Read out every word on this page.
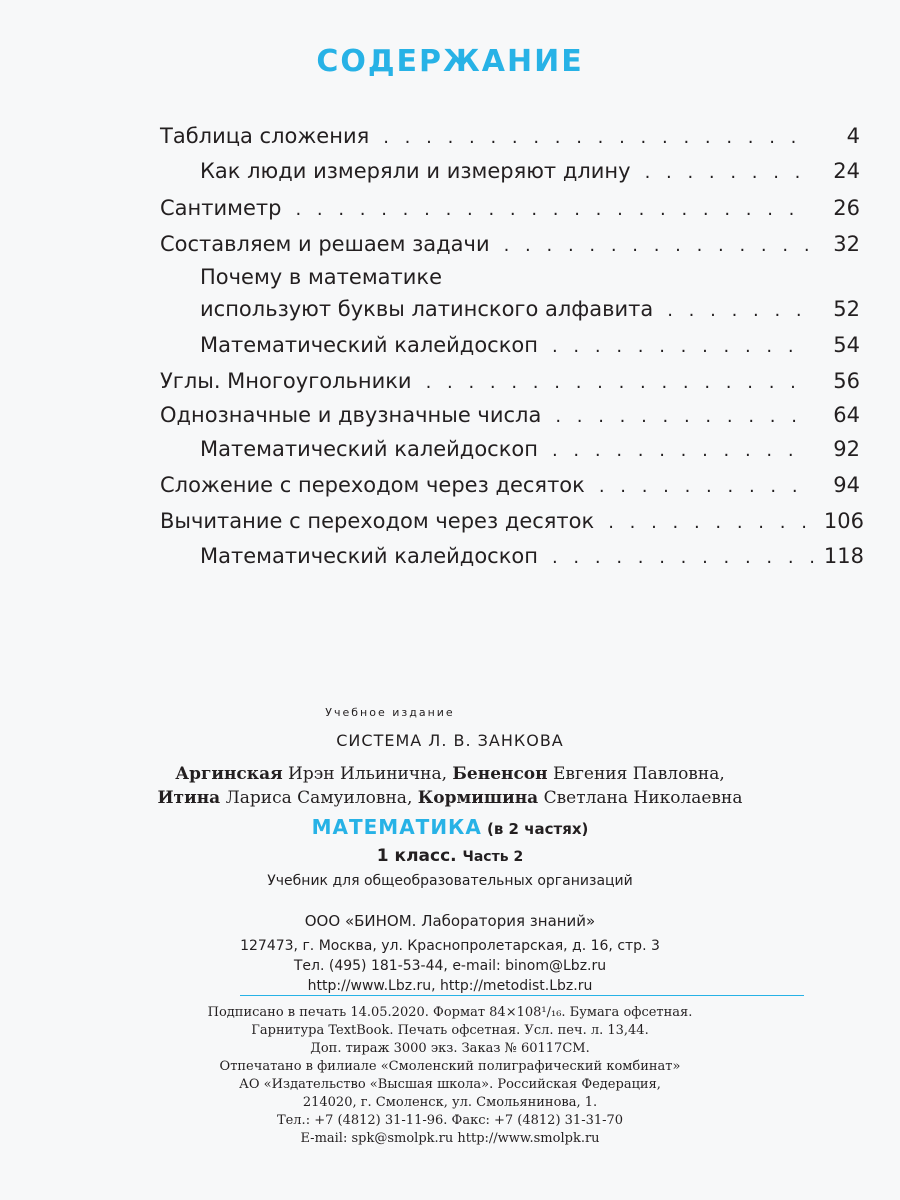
СОДЕРЖАНИЕ
Таблица сложения . . .	4
Как люди измеряли и измеряют длину . . .	24
Сантиметр . . .	26
Составляем и решаем задачи . . .	32
Почему в математике
используют буквы латинского алфавита . . .	52
Математический калейдоскоп . . .	54
Углы. Многоугольники . . .	56
Однозначные и двузначные числа . . .	64
Математический калейдоскоп . . .	92
Сложение с переходом через десяток . . .	94
Вычитание с переходом через десяток . . .	106
Математический калейдоскоп . . .	118
Учебное издание
СИСТЕМА Л. В. ЗАНКОВА
Аргинская Ирэн Ильинична, Бененсон Евгения Павловна,
Итина Лариса Самуиловна, Кормишина Светлана Николаевна
МАТЕМАТИКА (в 2 частях)
1 класс. Часть 2
Учебник для общеобразовательных организаций
ООО «БИНОМ. Лаборатория знаний»
127473, г. Москва, ул. Краснопролетарская, д. 16, стр. 3
Тел. (495) 181-53-44, e-mail: binom@Lbz.ru
http://www.Lbz.ru, http://metodist.Lbz.ru
Подписано в печать 14.05.2020. Формат 84×108¹/₁₆. Бумага офсетная.
Гарнитура TextBook. Печать офсетная. Усл. печ. л. 13,44.
Доп. тираж 3000 экз. Заказ № 60117СМ.
Отпечатано в филиале «Смоленский полиграфический комбинат»
АО «Издательство «Высшая школа». Российская Федерация,
214020, г. Смоленск, ул. Смольянинова, 1.
Тел.: +7 (4812) 31-11-96. Факс: +7 (4812) 31-31-70
E-mail: spk@smolpk.ru http://www.smolpk.ru
